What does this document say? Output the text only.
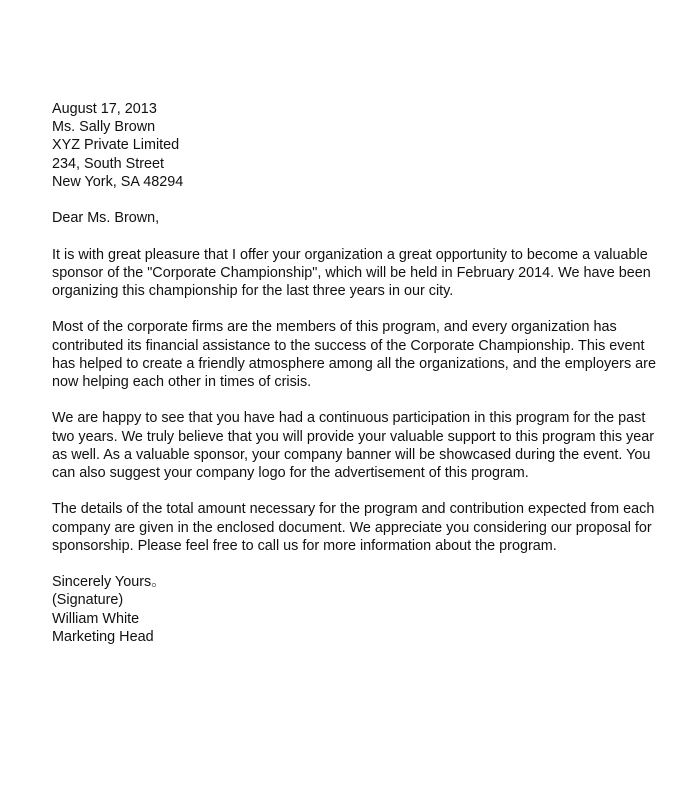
August 17, 2013
Ms. Sally Brown
XYZ Private Limited
234, South Street
New York, SA 48294
Dear Ms. Brown,
It is with great pleasure that I offer your organization a great opportunity to become a valuable
sponsor of the "Corporate Championship", which will be held in February 2014. We have been
organizing this championship for the last three years in our city.
Most of the corporate firms are the members of this program, and every organization has
contributed its financial assistance to the success of the Corporate Championship. This event
has helped to create a friendly atmosphere among all the organizations, and the employers are
now helping each other in times of crisis.
We are happy to see that you have had a continuous participation in this program for the past
two years. We truly believe that you will provide your valuable support to this program this year
as well. As a valuable sponsor, your company banner will be showcased during the event. You
can also suggest your company logo for the advertisement of this program.
The details of the total amount necessary for the program and contribution expected from each
company are given in the enclosed document. We appreciate you considering our proposal for
sponsorship. Please feel free to call us for more information about the program.
Sincerely Yours。
(Signature)
William White
Marketing Head
